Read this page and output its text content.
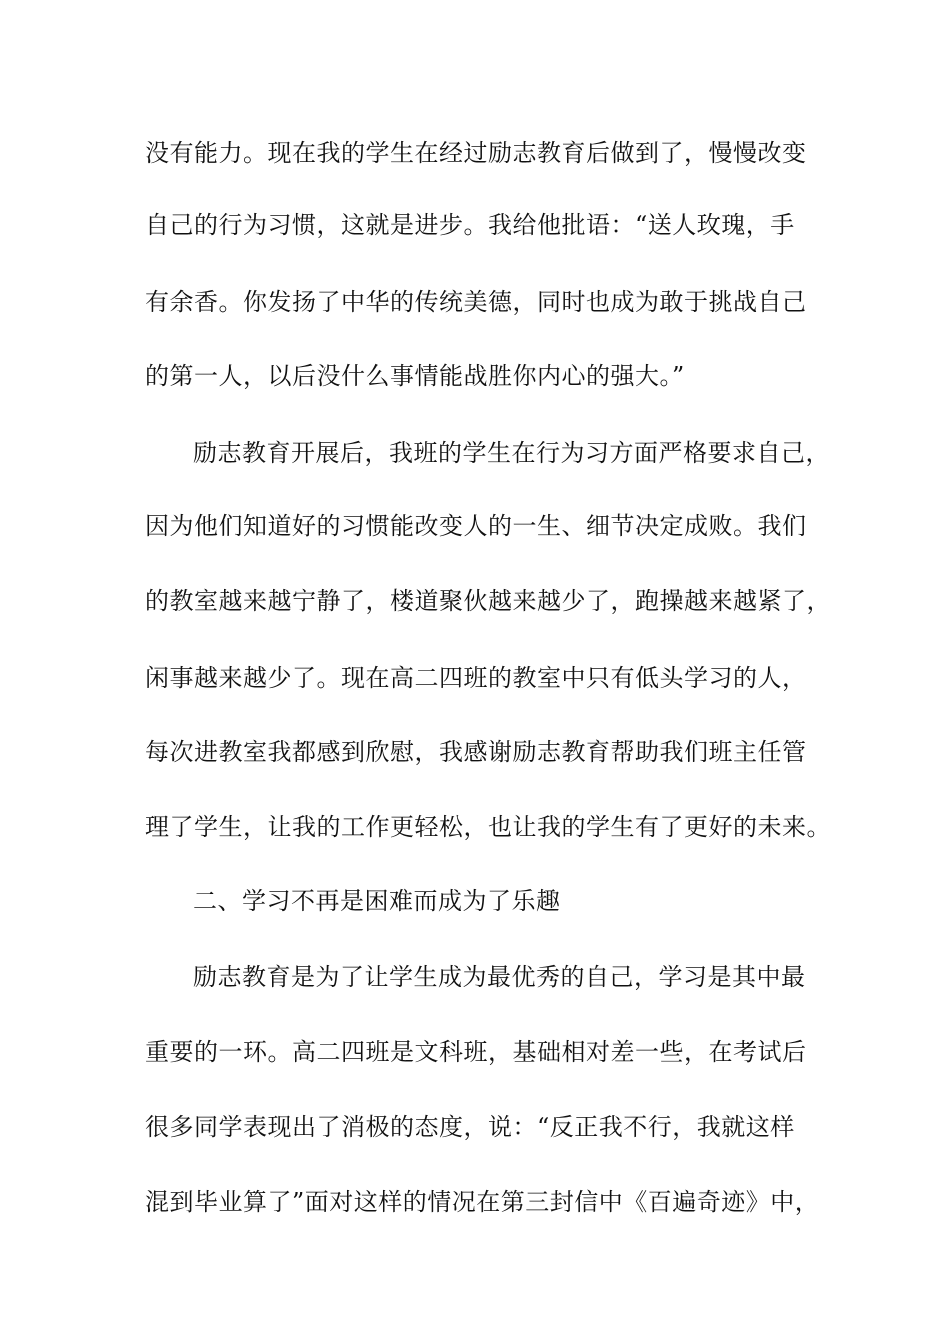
没有能力。现在我的学生在经过励志教育后做到了，慢慢改变
自己的行为习惯，这就是进步。我给他批语：“送人玫瑰，手
有余香。你发扬了中华的传统美德，同时也成为敢于挑战自己
的第一人，以后没什么事情能战胜你内心的强大。”
励志教育开展后，我班的学生在行为习方面严格要求自己，
因为他们知道好的习惯能改变人的一生、细节决定成败。我们
的教室越来越宁静了，楼道聚伙越来越少了，跑操越来越紧了，
闲事越来越少了。现在高二四班的教室中只有低头学习的人，
每次进教室我都感到欣慰，我感谢励志教育帮助我们班主任管
理了学生，让我的工作更轻松，也让我的学生有了更好的未来。
二、学习不再是困难而成为了乐趣
励志教育是为了让学生成为最优秀的自己，学习是其中最
重要的一环。高二四班是文科班，基础相对差一些，在考试后
很多同学表现出了消极的态度，说：“反正我不行，我就这样
混到毕业算了”面对这样的情况在第三封信中《百遍奇迹》中，
